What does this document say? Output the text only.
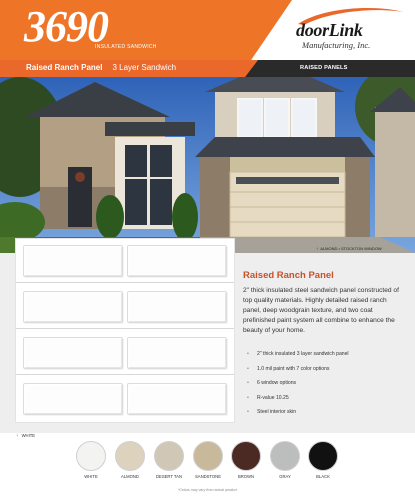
3690
INSULATED SANDWICH
doorLink
Manufacturing, Inc.
Raised Ranch Panel 3 Layer Sandwich	RAISED PANELS
↑ ALMOND • STOCKTON WINDOW
↑ WHITE
Raised Ranch Panel
2" thick insulated steel sandwich panel constructed of top quality materials. Highly detailed raised ranch panel, deep woodgrain texture, and two coat prefinished paint system all combine to enhance the beauty of your home.
• 2" thick insulated 3 layer sandwich panel
• 1.0 mil paint with 7 color options
• 6 window options
• R-value 10.25
• Steel interior skin
WHITE	ALMOND	DESERT TAN	SANDSTONE	BROWN	GRAY	BLACK
*Colors may vary from actual product
